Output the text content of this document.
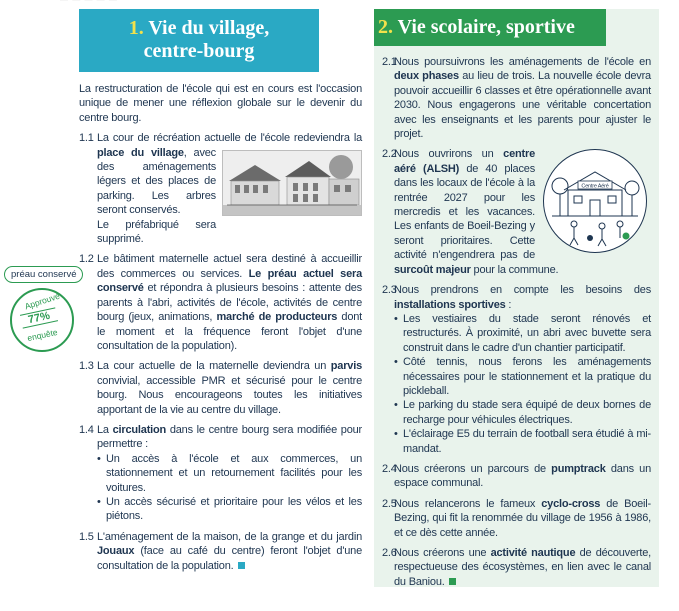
1. Vie du village,
centre-bourg
La restructuration de l'école qui est en cours est l'occasion unique de mener une réflexion globale sur le devenir du centre bourg.
1.1 La cour de récréation actuelle de l'école redeviendra la
place du village, avec des aménagements légers et des places de parking. Les arbres seront conservés.
Le préfabriqué sera supprimé.
1.2 Le bâtiment maternelle actuel sera destiné à accueillir des commerces ou services. Le préau actuel sera conservé et répondra à plusieurs besoins : attente des parents à l'abri, activités de l'école, activités de centre bourg (jeux, animations, marché de producteurs dont le moment et la fréquence feront l'objet d'une consultation de la population).
1.3 La cour actuelle de la maternelle deviendra un parvis convivial, accessible PMR et sécurisé pour le centre bourg. Nous encourageons toutes les initiatives apportant de la vie au centre du village.
1.4 La circulation dans le centre bourg sera modifiée pour permettre :
• Un accès à l'école et aux commerces, un stationnement et un retournement facilités pour les voitures.
• Un accès sécurisé et prioritaire pour les vélos et les piétons.
1.5 L'aménagement de la maison, de la grange et du jardin Jouaux (face au café du centre) feront l'objet d'une consultation de la population.
préau conservé
Approuvé
77%
enquête
2. Vie scolaire, sportive
2.1
Nous poursuivrons les aménagements de l'école en deux phases au lieu de trois. La nouvelle école devra pouvoir accueillir 6 classes et être opérationnelle avant 2030. Nous engagerons une véritable concertation avec les enseignants et les parents pour ajuster le projet.
2.2
Centre Aéré
Nous ouvrirons un centre aéré (ALSH) de 40 places dans les locaux de l'école à la rentrée 2027 pour les mercredis et les vacances. Les enfants de Boeil-Bezing y seront prioritaires. Cette activité n'engendrera pas de surcoût majeur pour la commune.
2.3
Nous prendrons en compte les besoins des installations sportives :
• Les vestiaires du stade seront rénovés et restructurés. À proximité, un abri avec buvette sera construit dans le cadre d'un chantier participatif.
• Côté tennis, nous ferons les aménagements nécessaires pour le stationnement et la pratique du pickleball.
• Le parking du stade sera équipé de deux bornes de recharge pour véhicules électriques.
• L'éclairage E5 du terrain de football sera étudié à mi-mandat.
2.4
Nous créerons un parcours de pumptrack dans un espace communal.
2.5
Nous relancerons le fameux cyclo-cross de Boeil-Bezing, qui fit la renommée du village de 1956 à 1986, et ce dès cette année.
2.6
Nous créerons une activité nautique de découverte, respectueuse des écosystèmes, en lien avec le canal du Baniou.
